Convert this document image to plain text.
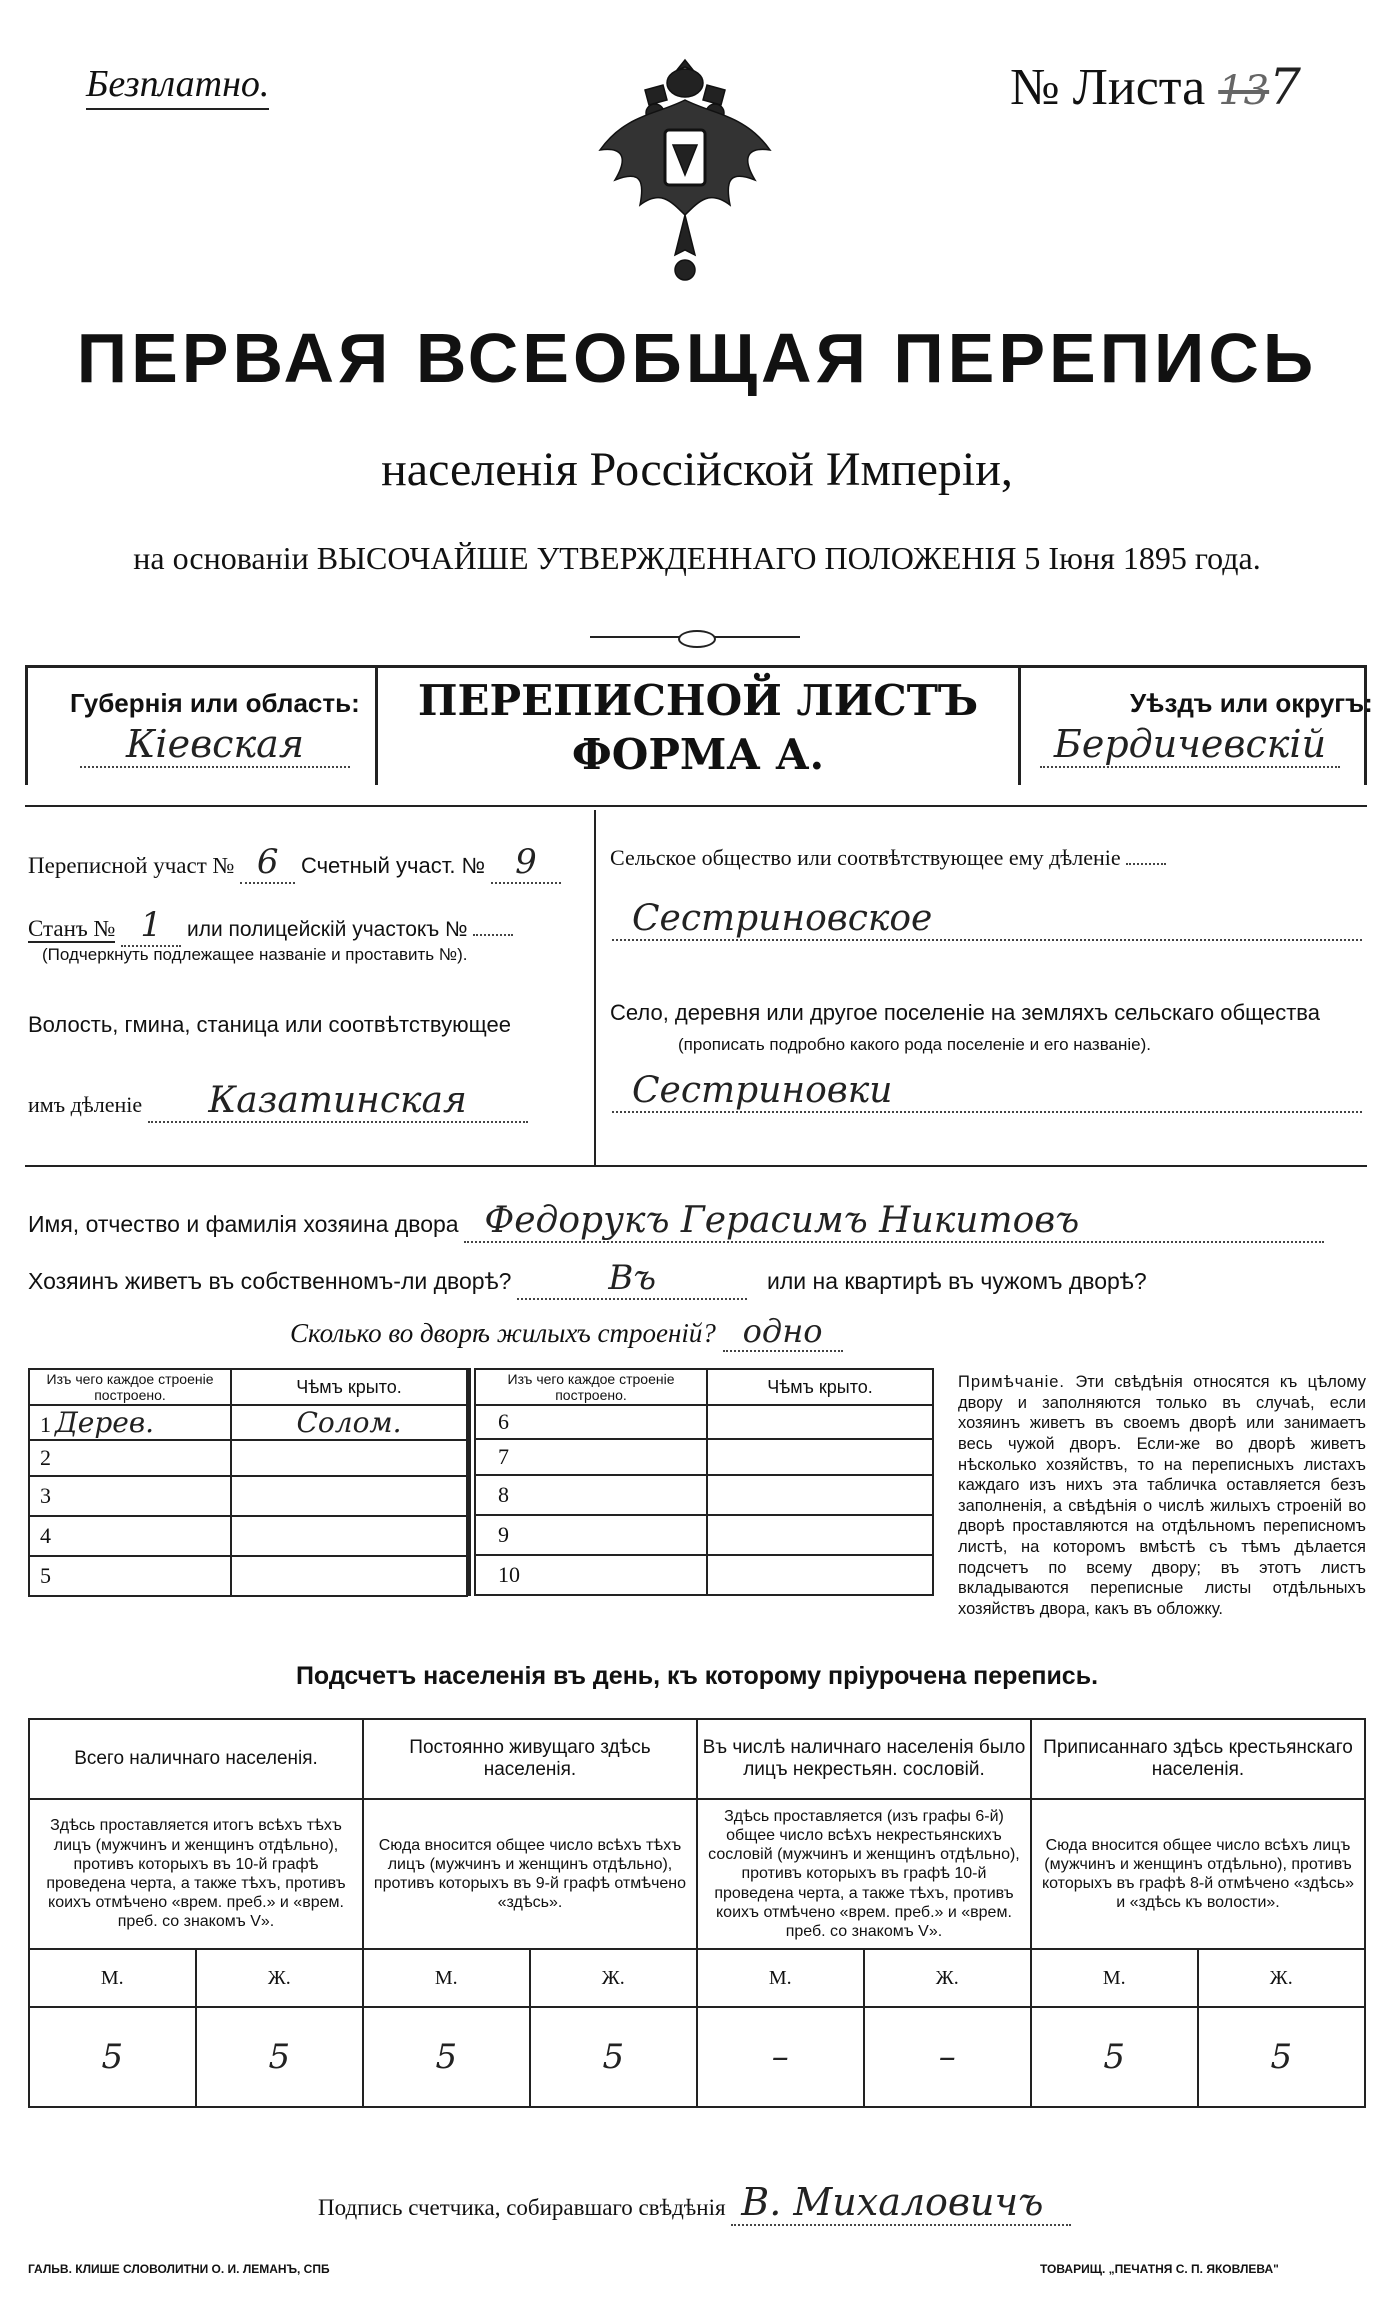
Безплатно.	№ Листа 137
ПЕРВАЯ ВСЕОБЩАЯ ПЕРЕПИСЬ
населенія Россійской Имперіи,
на основаніи ВЫСОЧАЙШЕ УТВЕРЖДЕННАГО ПОЛОЖЕНІЯ 5 Іюня 1895 года.
Губернія или область:
Кіевская
ПЕРЕПИСНОЙ ЛИСТЪ
ФОРМА А.
Уѣздъ или округъ:
Бердичевскій
Переписной участ № 6 Счетный участ. № 9
Станъ № 1 или полицейскій участокъ №
(Подчеркнуть подлежащее названіе и проставить №).
Волость, гмина, станица или соотвѣтствующее
имъ дѣленіе Казатинская
Сельское общество или соотвѣтствующее ему дѣленіе
Сестриновское
Село, деревня или другое поселеніе на земляхъ сельскаго общества
(прописать подробно какого рода поселеніе и его названіе).
Сестриновки
Имя, отчество и фамилія хозяина двора Федорукъ Герасимъ Никитовъ
Хозяинъ живетъ въ собственномъ-ли дворѣ?	Въ	или на квартирѣ въ чужомъ дворѣ?
Сколько во дворѣ жилыхъ строеній? одно
Изъ чего каждое строеніе построено.	Чѣмъ крыто.
1 Дерев.	Солом.
2	
3	
4	
5	
Изъ чего каждое строеніе построено.	Чѣмъ крыто.
6	
7	
8	
9	
10	
Примѣчаніе. Эти свѣдѣнія относятся къ цѣлому двору и заполняются только въ случаѣ, если хозяинъ живетъ въ своемъ дворѣ или занимаетъ весь чужой дворъ. Если-же во дворѣ живетъ нѣсколько хозяйствъ, то на переписныхъ листахъ каждаго изъ нихъ эта табличка оставляется безъ заполненія, а свѣдѣнія о числѣ жилыхъ строеній во дворѣ проставляются на отдѣльномъ переписномъ листѣ, на которомъ вмѣстѣ съ тѣмъ дѣлается подсчетъ по всему двору; въ этотъ листъ вкладываются переписные листы отдѣльныхъ хозяйствъ двора, какъ въ обложку.
Подсчетъ населенія въ день, къ которому пріурочена перепись.
Всего наличнаго населенія.		Постоянно живущаго здѣсь населенія.		Въ числѣ наличнаго населенія было лицъ некрестьян. сословій.		Приписаннаго здѣсь крестьянскаго населенія.	
Здѣсь проставляется итогъ всѣхъ тѣхъ лицъ (мужчинъ и женщинъ отдѣльно), противъ которыхъ въ 10-й графѣ проведена черта, а также тѣхъ, противъ коихъ отмѣчено «врем. преб.» и «врем. преб. со знакомъ V».		Сюда вносится общее число всѣхъ тѣхъ лицъ (мужчинъ и женщинъ отдѣльно), противъ которыхъ въ 9-й графѣ отмѣчено «здѣсь».		Здѣсь проставляется (изъ графы 6-й) общее число всѣхъ некрестьянскихъ сословій (мужчинъ и женщинъ отдѣльно), противъ которыхъ въ графѣ 10-й проведена черта, а также тѣхъ, противъ коихъ отмѣчено «врем. преб.» и «врем. преб. со знакомъ V».		Сюда вносится общее число всѣхъ лицъ (мужчинъ и женщинъ отдѣльно), противъ которыхъ въ графѣ 8-й отмѣчено «здѣсь» и «здѣсь къ волости».	
М.	Ж.	М.	Ж.	М.	Ж.	М.	Ж.
5	5	5	5	–	–	5	5
Подпись счетчика, собиравшаго свѣдѣнія В. Михаловичъ
ГАЛЬВ. КЛИШЕ СЛОВОЛИТНИ О. И. ЛЕМАНЪ, СПБ	ТОВАРИЩ. „ПЕЧАТНЯ С. П. ЯКОВЛЕВА"
